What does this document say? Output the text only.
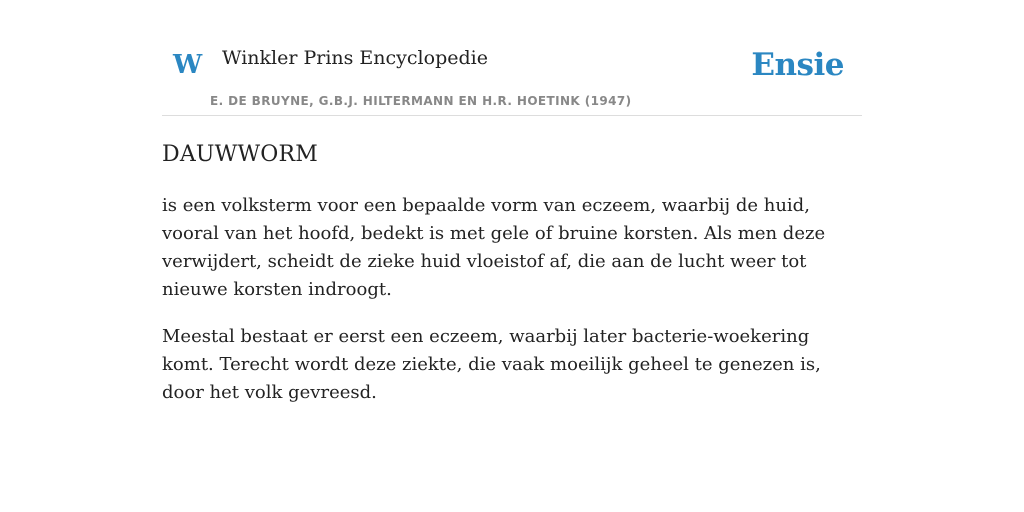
W Winkler Prins Encyclopedie
E. DE BRUYNE, G.B.J. HILTERMANN EN H.R. HOETINK (1947)
Ensie
DAUWWORM

is een volksterm voor een bepaalde vorm van eczeem, waarbij de huid, vooral van het hoofd, bedekt is met gele of bruine korsten. Als men deze verwijdert, scheidt de zieke huid vloeistof af, die aan de lucht weer tot nieuwe korsten indroogt.

Meestal bestaat er eerst een eczeem, waarbij later bacterie-woekering komt. Terecht wordt deze ziekte, die vaak moeilijk geheel te genezen is, door het volk gevreesd.
